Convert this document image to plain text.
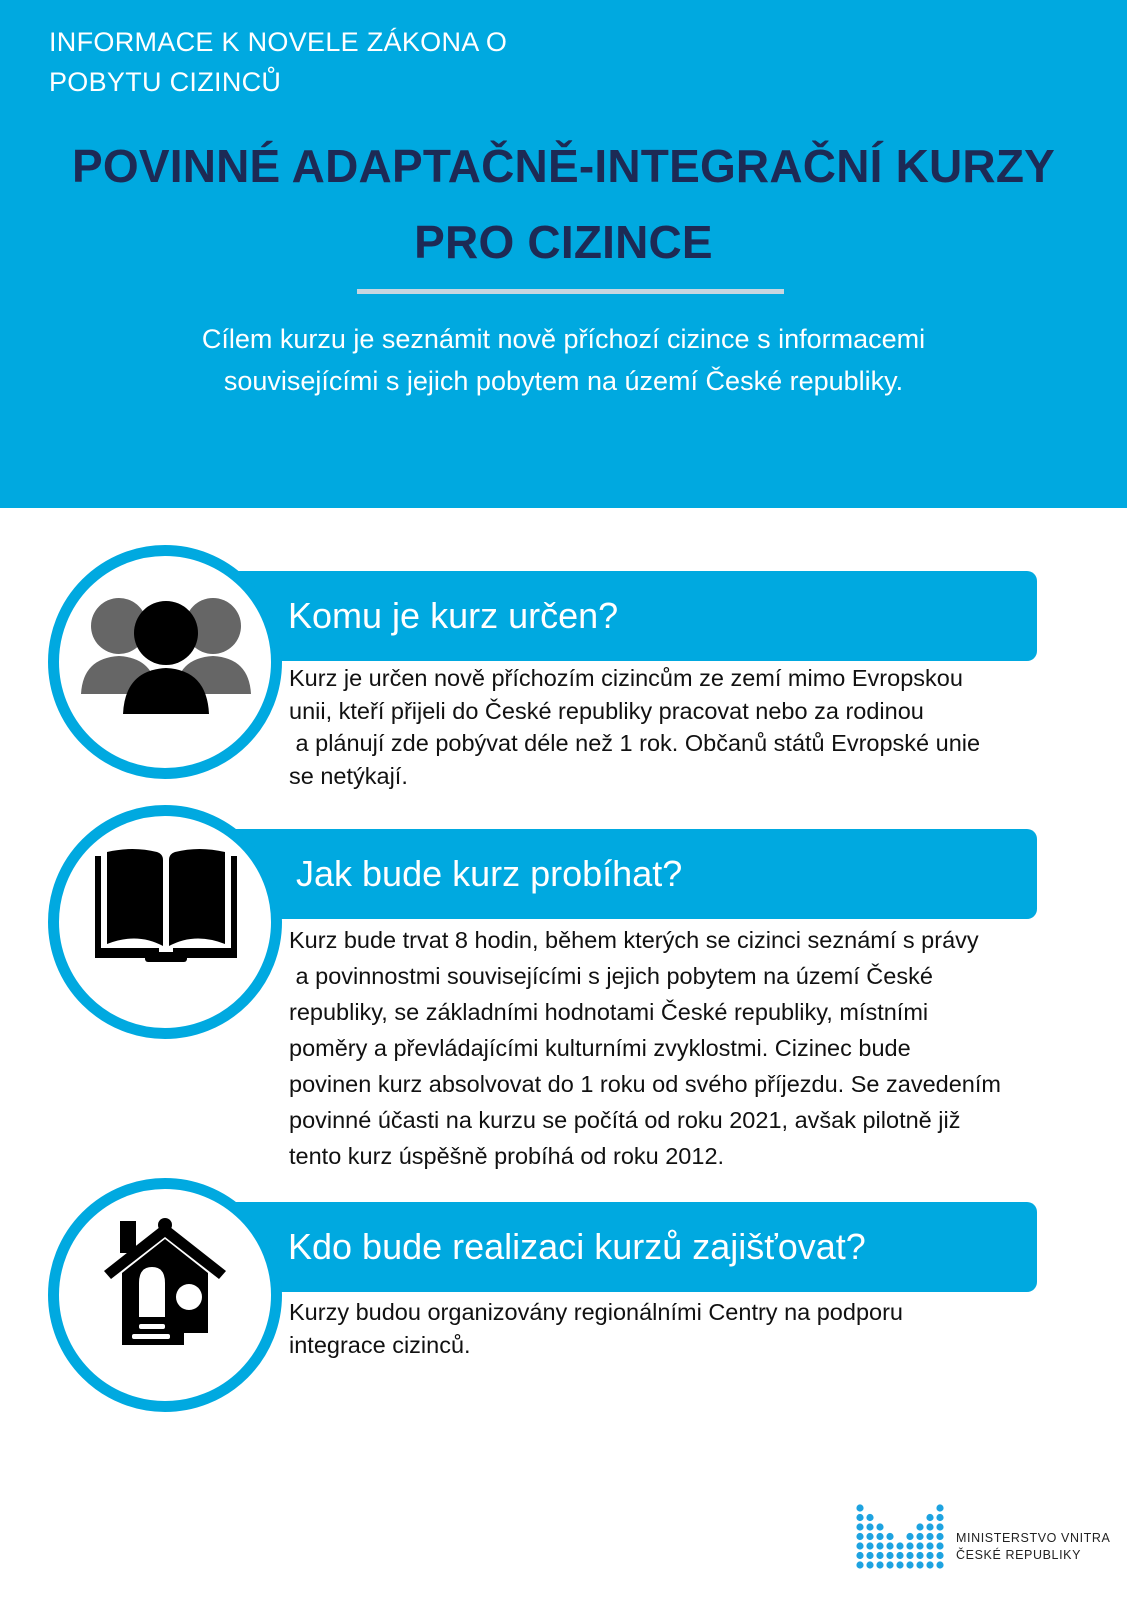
INFORMACE K NOVELE ZÁKONA O POBYTU CIZINCŮ
POVINNÉ ADAPTAČNĚ-INTEGRAČNÍ KURZY
PRO CIZINCE
Cílem kurzu je seznámit nově příchozí cizince s informacemi
souvisejícími s jejich pobytem na území České republiky.
Komu je kurz určen?
Kurz je určen nově příchozím cizincům ze zemí mimo Evropskou
unii, kteří přijeli do České republiky pracovat nebo za rodinou
a plánují zde pobývat déle než 1 rok. Občanů států Evropské unie
se netýkají.
Jak bude kurz probíhat?
Kurz bude trvat 8 hodin, během kterých se cizinci seznámí s právy
a povinnostmi souvisejícími s jejich pobytem na území České
republiky, se základními hodnotami České republiky, místními
poměry a převládajícími kulturními zvyklostmi. Cizinec bude
povinen kurz absolvovat do 1 roku od svého příjezdu. Se zavedením
povinné účasti na kurzu se počítá od roku 2021, avšak pilotně již
tento kurz úspěšně probíhá od roku 2012.
Kdo bude realizaci kurzů zajišťovat?
Kurzy budou organizovány regionálními Centry na podporu
integrace cizinců.
MINISTERSTVO VNITRA
ČESKÉ REPUBLIKY
